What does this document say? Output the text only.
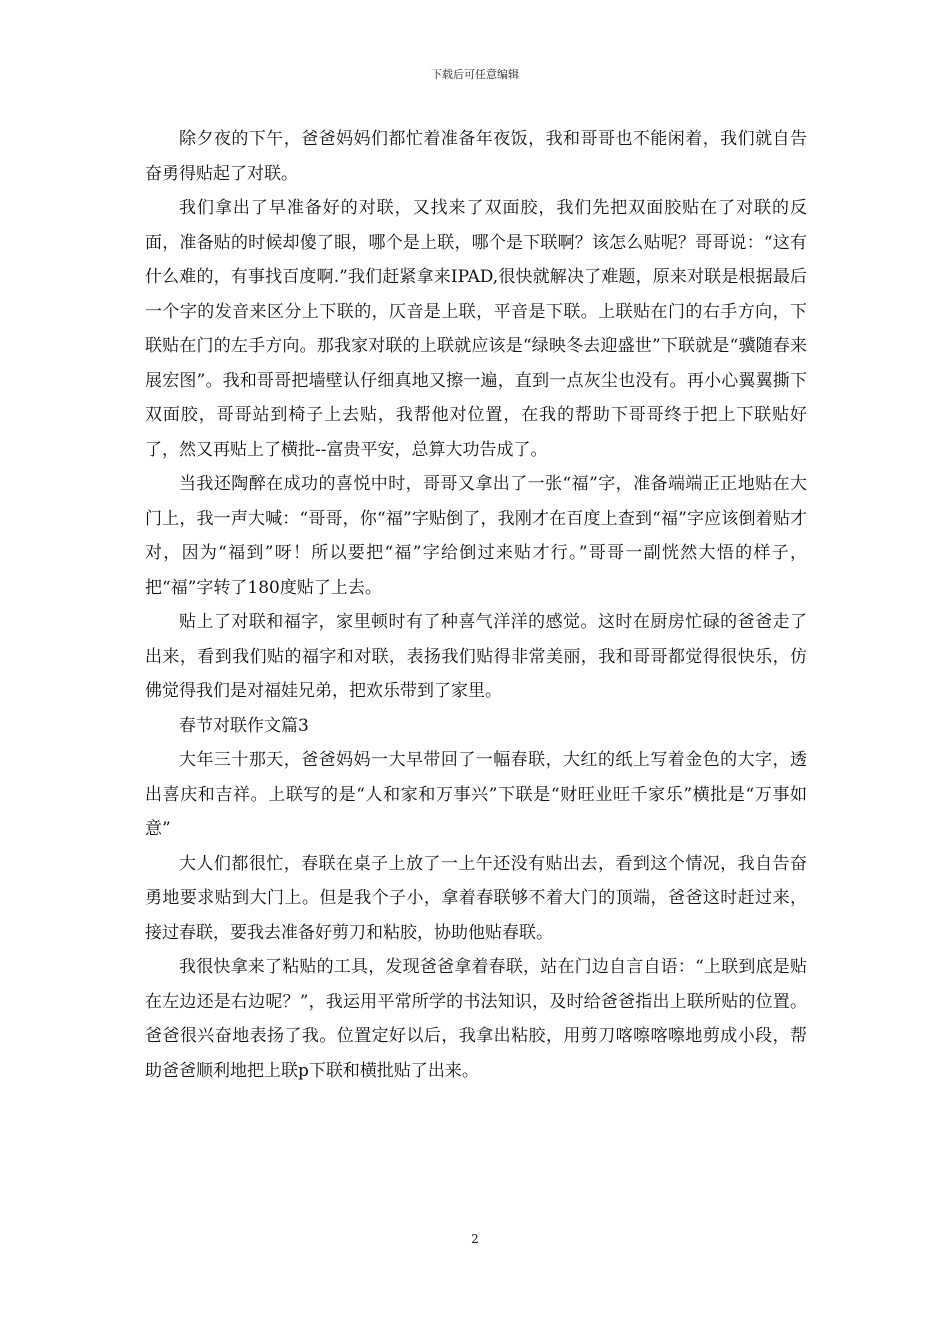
下载后可任意编辑

除夕夜的下午，爸爸妈妈们都忙着准备年夜饭，我和哥哥也不能闲着，我们就自告奋勇得贴起了对联。

我们拿出了早准备好的对联，又找来了双面胶，我们先把双面胶贴在了对联的反面，准备贴的时候却傻了眼，哪个是上联，哪个是下联啊？该怎么贴呢？哥哥说：“这有什么难的，有事找百度啊.”我们赶紧拿来IPAD,很快就解决了难题，原来对联是根据最后一个字的发音来区分上下联的，仄音是上联，平音是下联。上联贴在门的右手方向，下联贴在门的左手方向。那我家对联的上联就应该是“绿映冬去迎盛世”下联就是“骥随春来展宏图”。我和哥哥把墙壁认仔细真地又擦一遍，直到一点灰尘也没有。再小心翼翼撕下双面胶，哥哥站到椅子上去贴，我帮他对位置，在我的帮助下哥哥终于把上下联贴好了，然又再贴上了横批--富贵平安，总算大功告成了。

当我还陶醉在成功的喜悦中时，哥哥又拿出了一张“福”字，准备端端正正地贴在大门上，我一声大喊：“哥哥，你“福”字贴倒了，我刚才在百度上查到“福”字应该倒着贴才对，因为“福到”呀！所以要把“福”字给倒过来贴才行。”哥哥一副恍然大悟的样子，把“福”字转了180度贴了上去。

贴上了对联和福字，家里顿时有了种喜气洋洋的感觉。这时在厨房忙碌的爸爸走了出来，看到我们贴的福字和对联，表扬我们贴得非常美丽，我和哥哥都觉得很快乐，仿佛觉得我们是对福娃兄弟，把欢乐带到了家里。

春节对联作文篇3

大年三十那天，爸爸妈妈一大早带回了一幅春联，大红的纸上写着金色的大字，透出喜庆和吉祥。上联写的是“人和家和万事兴”下联是“财旺业旺千家乐”横批是“万事如意”

大人们都很忙，春联在桌子上放了一上午还没有贴出去，看到这个情况，我自告奋勇地要求贴到大门上。但是我个子小，拿着春联够不着大门的顶端，爸爸这时赶过来，接过春联，要我去准备好剪刀和粘胶，协助他贴春联。

我很快拿来了粘贴的工具，发现爸爸拿着春联，站在门边自言自语：“上联到底是贴在左边还是右边呢？”，我运用平常所学的书法知识，及时给爸爸指出上联所贴的位置。爸爸很兴奋地表扬了我。位置定好以后，我拿出粘胶，用剪刀喀嚓喀嚓地剪成小段，帮助爸爸顺利地把上联p下联和横批贴了出来。

2
